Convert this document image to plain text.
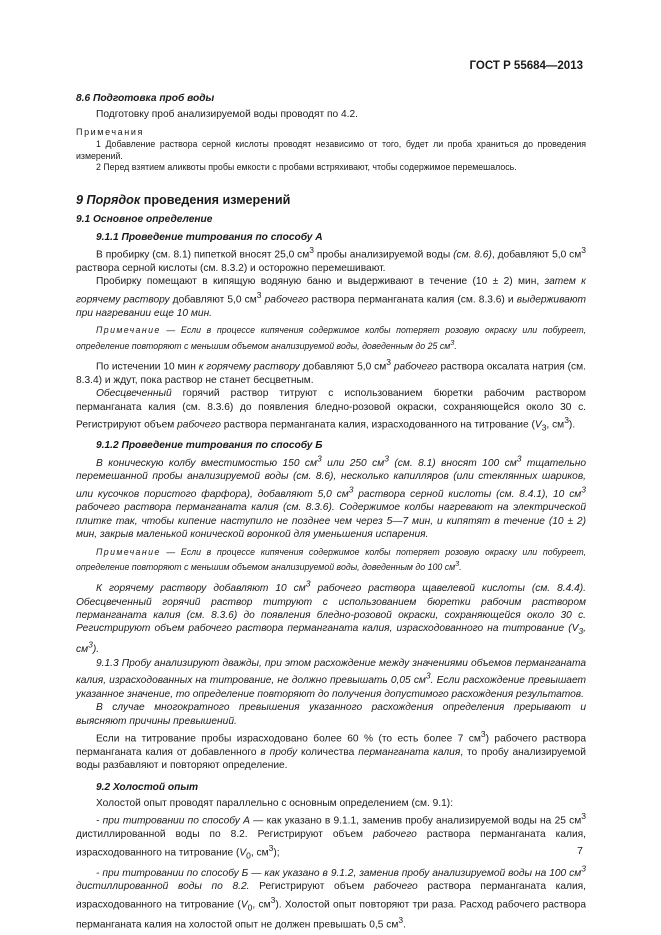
ГОСТ Р 55684—2013

8.6 Подготовка проб воды

Подготовку проб анализируемой воды проводят по 4.2.

Примечания

1 Добавление раствора серной кислоты проводят независимо от того, будет ли проба храниться до проведения измерений.

2 Перед взятием аликвоты пробы емкости с пробами встряхивают, чтобы содержимое перемешалось.

9 Порядок проведения измерений

9.1 Основное определение

9.1.1 Проведение титрования по способу А

В пробирку (см. 8.1) пипеткой вносят 25,0 $см^3$ пробы анализируемой воды (см. 8.6), добавляют 5,0 $см^3$ раствора серной кислоты (см. 8.3.2) и осторожно перемешивают.

Пробирку помещают в кипящую водяную баню и выдерживают в течение (10 ± 2) мин, затем к горячему раствору добавляют 5,0 $см^3$ рабочего раствора перманганата калия (см. 8.3.6) и выдерживают при нагревании еще 10 мин.

Примечание — Если в процессе кипячения содержимое колбы потеряет розовую окраску или побуреет, определение повторяют с меньшим объемом анализируемой воды, доведенным до 25 $см^3$.

По истечении 10 мин к горячему раствору добавляют 5,0 $см^3$ рабочего раствора оксалата натрия (см. 8.3.4) и ждут, пока раствор не станет бесцветным.

Обесцвеченный горячий раствор титруют с использованием бюретки рабочим раствором перманганата калия (см. 8.3.6) до появления бледно-розовой окраски, сохраняющейся около 30 с. Регистрируют объем рабочего раствора перманганата калия, израсходованного на титрование ($V_3$, $см^3$).

9.1.2 Проведение титрования по способу Б

В коническую колбу вместимостью 150 $см^3$ или 250 $см^3$ (см. 8.1) вносят 100 $см^3$ тщательно перемешанной пробы анализируемой воды (см. 8.6), несколько капилляров (или стеклянных шариков, или кусочков пористого фарфора), добавляют 5,0 $см^3$ раствора серной кислоты (см. 8.4.1), 10 $см^3$ рабочего раствора перманганата калия (см. 8.3.6). Содержимое колбы нагревают на электрической плитке так, чтобы кипение наступило не позднее чем через 5—7 мин, и кипятят в течение (10 ± 2) мин, закрыв маленькой конической воронкой для уменьшения испарения.

Примечание — Если в процессе кипячения содержимое колбы потеряет розовую окраску или побуреет, определение повторяют с меньшим объемом анализируемой воды, доведенным до 100 $см^3$.

К горячему раствору добавляют 10 $см^3$ рабочего раствора щавелевой кислоты (см. 8.4.4). Обесцвеченный горячий раствор титруют с использованием бюретки рабочим раствором перманганата калия (см. 8.3.6) до появления бледно-розовой окраски, сохраняющейся около 30 с. Регистрируют объем рабочего раствора перманганата калия, израсходованного на титрование ($V_3$, $см^3$).

9.1.3 Пробу анализируют дважды, при этом расхождение между значениями объемов перманганата калия, израсходованных на титрование, не должно превышать 0,05 $см^3$. Если расхождение превышает указанное значение, то определение повторяют до получения допустимого расхождения результатов.

В случае многократного превышения указанного расхождения определения прерывают и выясняют причины превышений.

Если на титрование пробы израсходовано более 60 % (то есть более 7 $см^3$) рабочего раствора перманганата калия от добавленного в пробу количества перманганата калия, то пробу анализируемой воды разбавляют и повторяют определение.

9.2 Холостой опыт

Холостой опыт проводят параллельно с основным определением (см. 9.1):

- при титровании по способу А — как указано в 9.1.1, заменив пробу анализируемой воды на 25 $см^3$ дистиллированной воды по 8.2. Регистрируют объем рабочего раствора перманганата калия, израсходованного на титрование ($V_0$, $см^3$);

- при титровании по способу Б — как указано в 9.1.2, заменив пробу анализируемой воды на 100 $см^3$ дистиллированной воды по 8.2. Регистрируют объем рабочего раствора перманганата калия, израсходованного на титрование ($V_0$, $см^3$). Холостой опыт повторяют три раза. Расход рабочего раствора перманганата калия на холостой опыт не должен превышать 0,5 $см^3$.

7
